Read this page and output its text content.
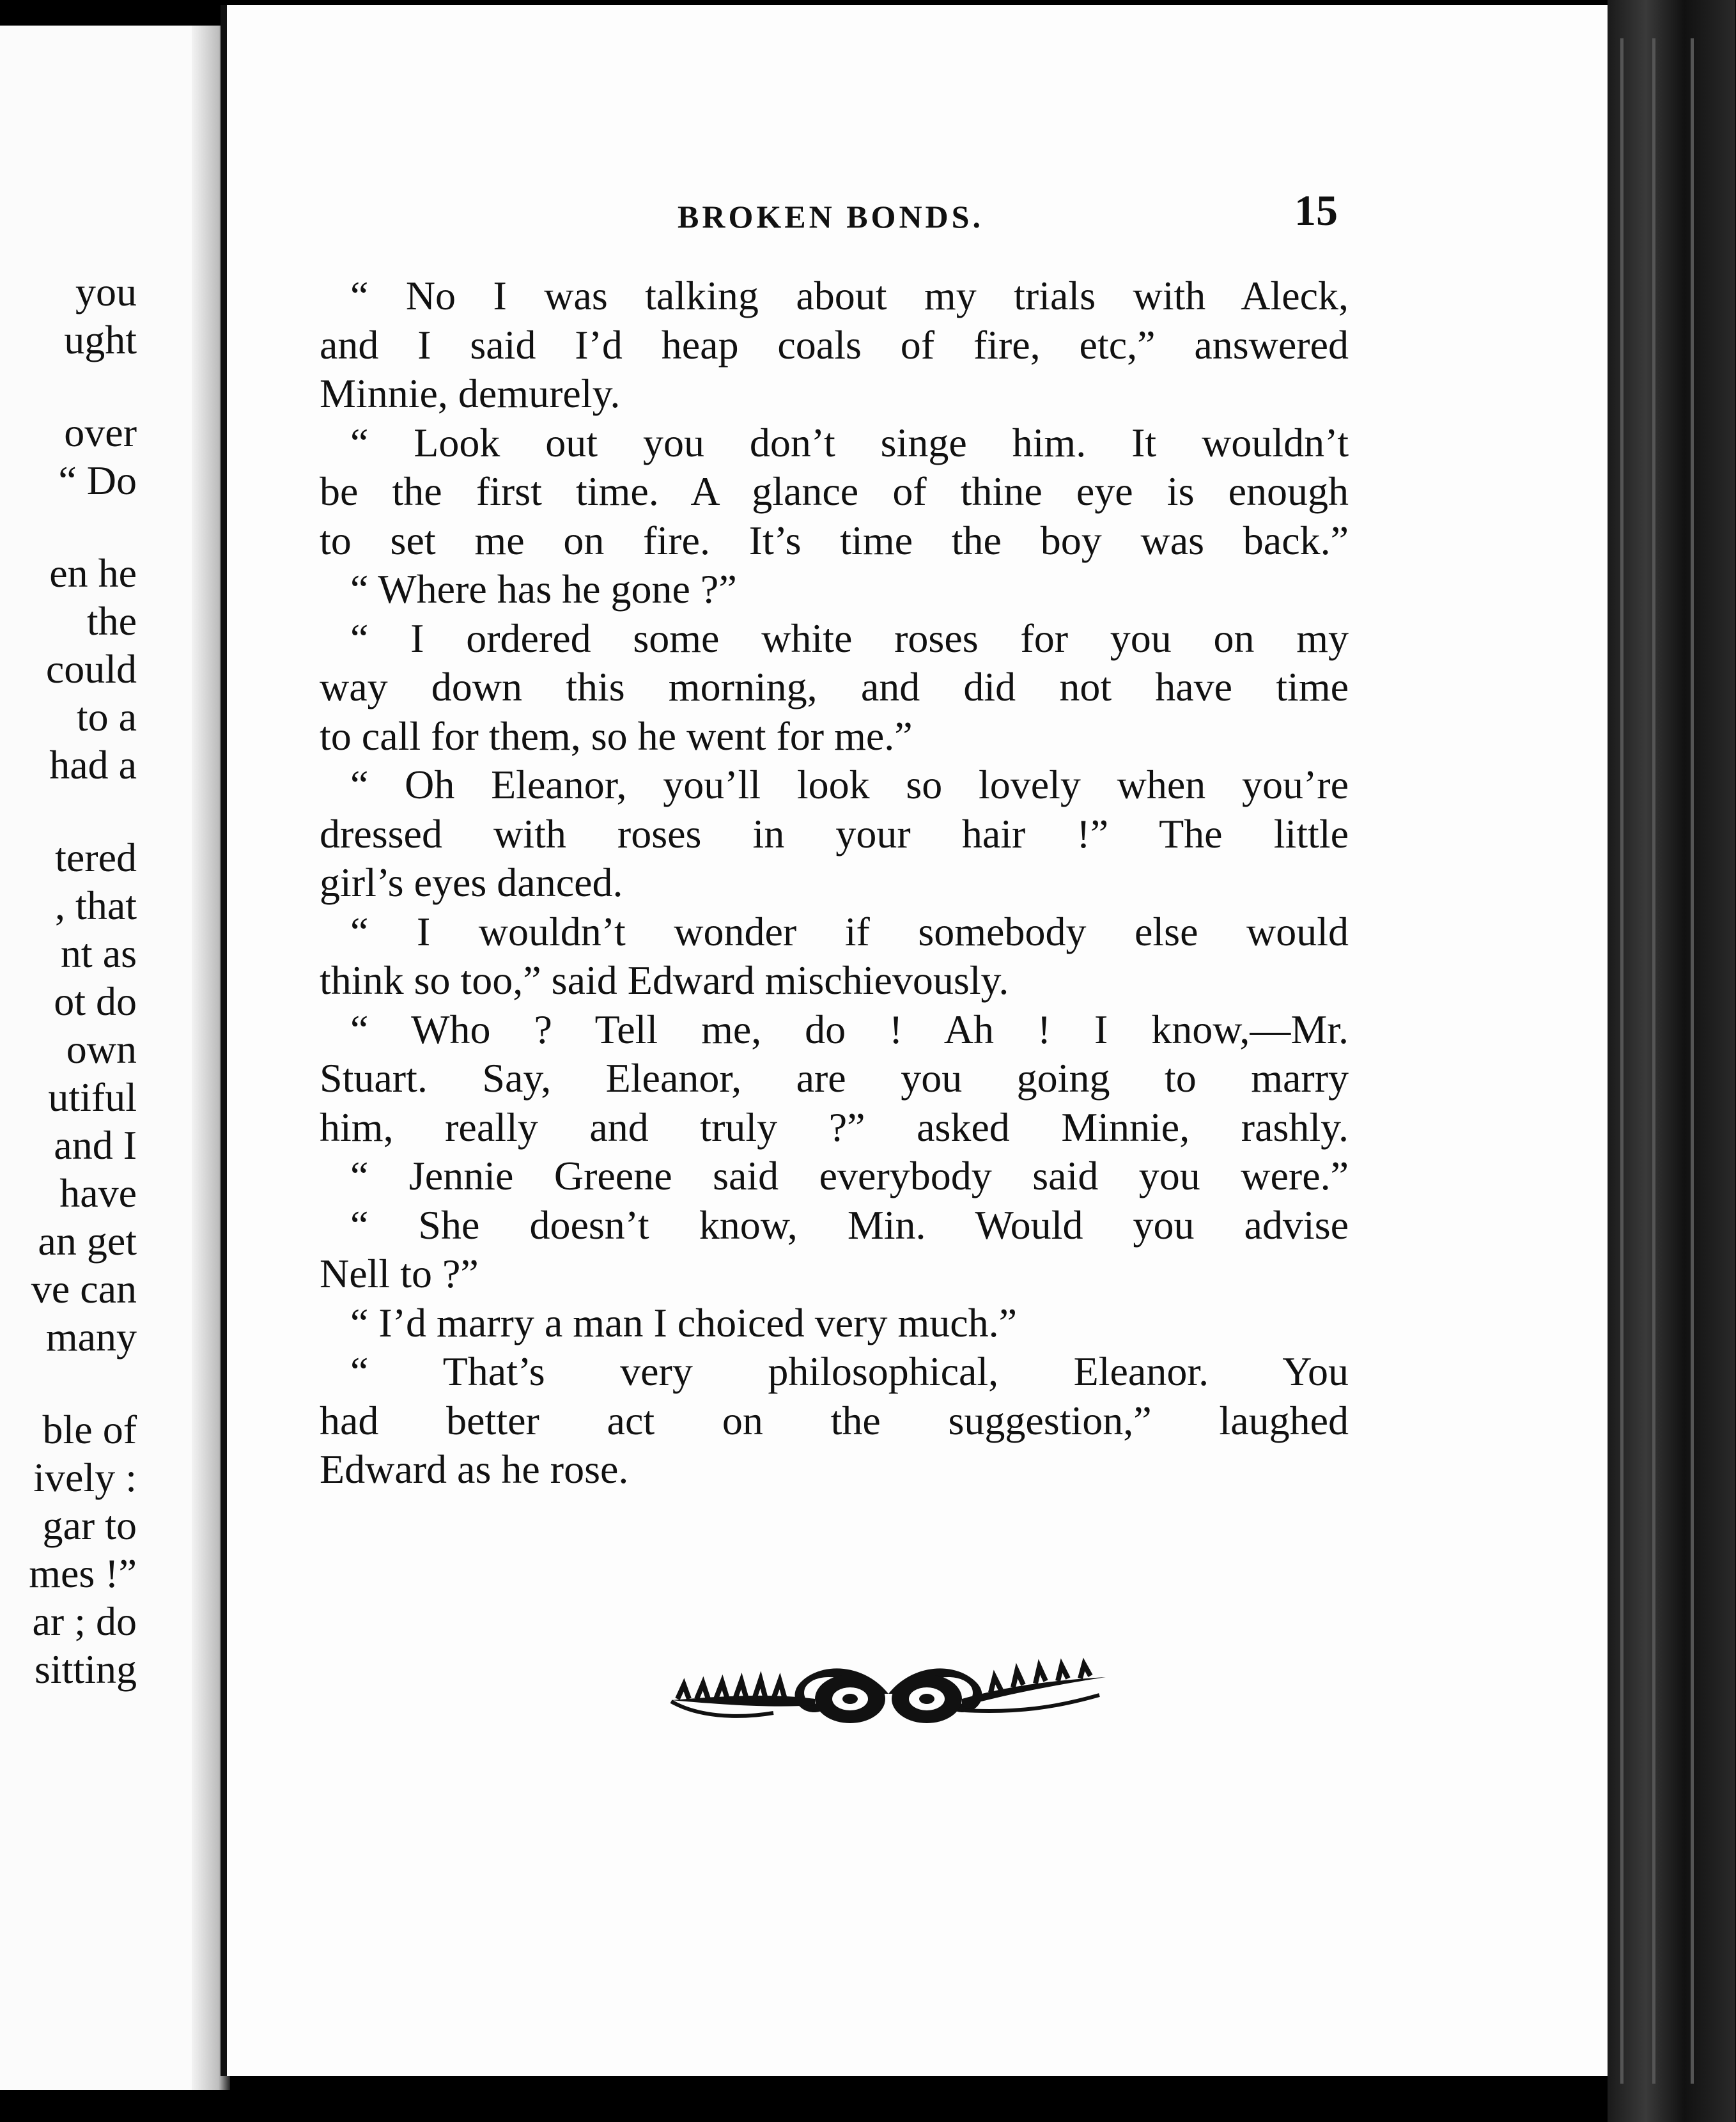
you
ught
over
“ Do
en he
the
could
to a
had a
tered
, that
nt as
ot do
own
utiful
and I
have
an get
ve can
many
ble of
ively :
gar to
mes !”
ar ; do
sitting
BROKEN BONDS.	15
“ No I was talking about my trials with Aleck,
and I said I’d heap coals of fire, etc,” answered
Minnie, demurely.
“ Look out you don’t singe him. It wouldn’t
be the first time. A glance of thine eye is enough
to set me on fire. It’s time the boy was back.”
“ Where has he gone ?”
“ I ordered some white roses for you on my
way down this morning, and did not have time
to call for them, so he went for me.”
“ Oh Eleanor, you’ll look so lovely when you’re
dressed with roses in your hair !” The little
girl’s eyes danced.
“ I wouldn’t wonder if somebody else would
think so too,” said Edward mischievously.
“ Who ? Tell me, do ! Ah ! I know,—Mr.
Stuart. Say, Eleanor, are you going to marry
him, really and truly ?” asked Minnie, rashly.
“ Jennie Greene said everybody said you were.”
“ She doesn’t know, Min. Would you advise
Nell to ?”
“ I’d marry a man I choiced very much.”
“ That’s very philosophical, Eleanor. You
had better act on the suggestion,” laughed
Edward as he rose.
